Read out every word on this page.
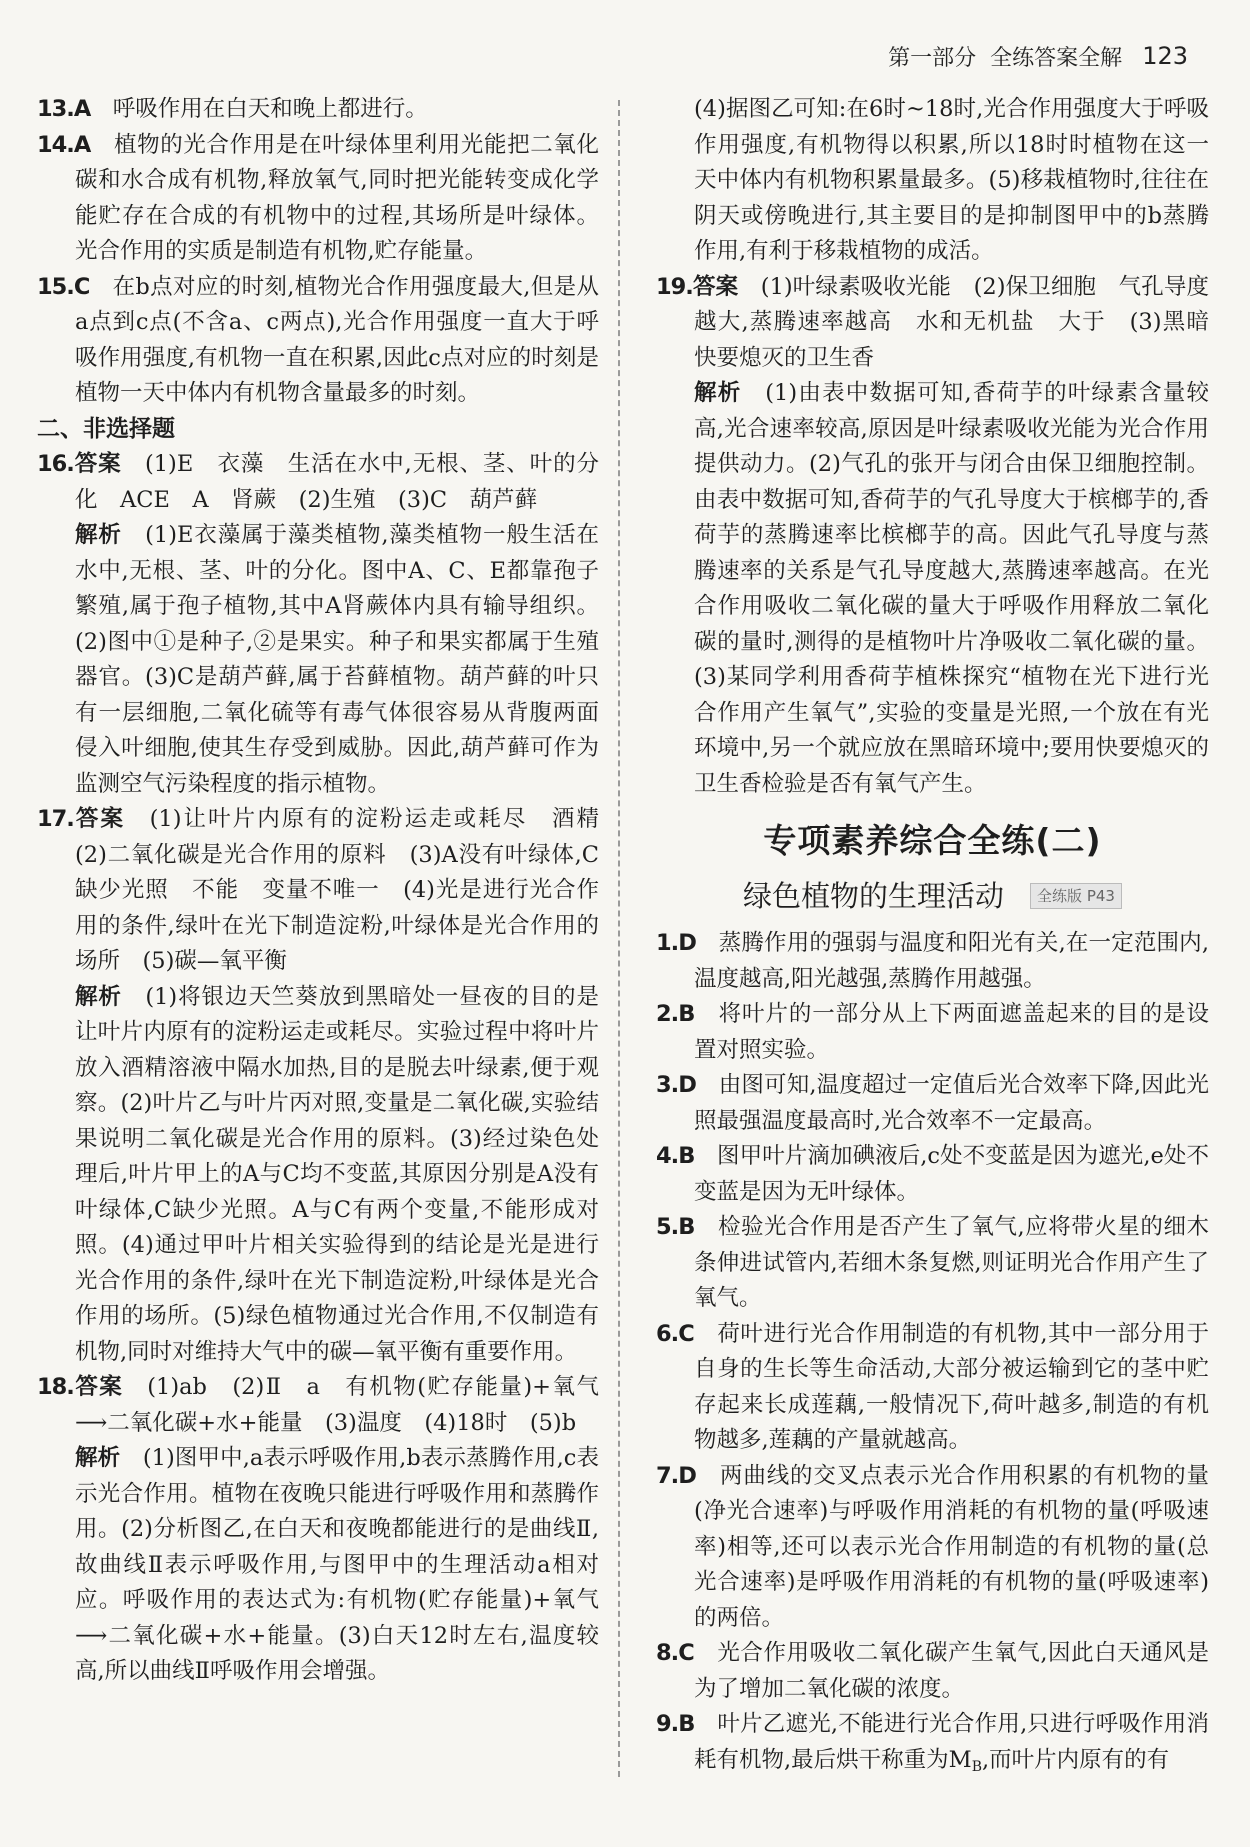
第一部分 全练答案全解 123

13.A　 呼吸作用在白天和晚上都进行。

14.A　 植物的光合作用是在叶绿体里利用光能把二氧化碳和水合成有机物,释放氧气,同时把光能转变成化学能贮存在合成的有机物中的过程,其场所是叶绿体。光合作用的实质是制造有机物,贮存能量。

15.C　 在b点对应的时刻,植物光合作用强度最大,但是从a点到c点(不含a、c两点),光合作用强度一直大于呼吸作用强度,有机物一直在积累,因此c点对应的时刻是植物一天中体内有机物含量最多的时刻。

二、非选择题

16.答案　 (1)E　衣藻　生活在水中,无根、茎、叶的分化　ACE　A　肾蕨　(2)生殖　(3)C　葫芦藓

解析　 (1)E衣藻属于藻类植物,藻类植物一般生活在水中,无根、茎、叶的分化。图中A、C、E都靠孢子繁殖,属于孢子植物,其中A肾蕨体内具有输导组织。(2)图中①是种子,②是果实。种子和果实都属于生殖器官。(3)C是葫芦藓,属于苔藓植物。葫芦藓的叶只有一层细胞,二氧化硫等有毒气体很容易从背腹两面侵入叶细胞,使其生存受到威胁。因此,葫芦藓可作为监测空气污染程度的指示植物。

17.答案　 (1)让叶片内原有的淀粉运走或耗尽　酒精　(2)二氧化碳是光合作用的原料　(3)A没有叶绿体,C缺少光照　不能　变量不唯一　(4)光是进行光合作用的条件,绿叶在光下制造淀粉,叶绿体是光合作用的场所　(5)碳—氧平衡

解析　 (1)将银边天竺葵放到黑暗处一昼夜的目的是让叶片内原有的淀粉运走或耗尽。实验过程中将叶片放入酒精溶液中隔水加热,目的是脱去叶绿素,便于观察。(2)叶片乙与叶片丙对照,变量是二氧化碳,实验结果说明二氧化碳是光合作用的原料。(3)经过染色处理后,叶片甲上的A与C均不变蓝,其原因分别是A没有叶绿体,C缺少光照。A与C有两个变量,不能形成对照。(4)通过甲叶片相关实验得到的结论是光是进行光合作用的条件,绿叶在光下制造淀粉,叶绿体是光合作用的场所。(5)绿色植物通过光合作用,不仅制造有机物,同时对维持大气中的碳—氧平衡有重要作用。

18.答案　 (1)ab　(2)Ⅱ　a　有机物(贮存能量)+氧气⟶二氧化碳+水+能量　(3)温度　(4)18时　(5)b

解析　 (1)图甲中,a表示呼吸作用,b表示蒸腾作用,c表示光合作用。植物在夜晚只能进行呼吸作用和蒸腾作用。(2)分析图乙,在白天和夜晚都能进行的是曲线Ⅱ,故曲线Ⅱ表示呼吸作用,与图甲中的生理活动a相对应。呼吸作用的表达式为:有机物(贮存能量)+氧气⟶二氧化碳+水+能量。(3)白天12时左右,温度较高,所以曲线Ⅱ呼吸作用会增强。

(4)据图乙可知:在6时~18时,光合作用强度大于呼吸作用强度,有机物得以积累,所以18时时植物在这一天中体内有机物积累量最多。(5)移栽植物时,往往在阴天或傍晚进行,其主要目的是抑制图甲中的b蒸腾作用,有利于移栽植物的成活。

19.答案　 (1)叶绿素吸收光能　(2)保卫细胞　气孔导度越大,蒸腾速率越高　水和无机盐　大于　(3)黑暗　快要熄灭的卫生香

解析　 (1)由表中数据可知,香荷芋的叶绿素含量较高,光合速率较高,原因是叶绿素吸收光能为光合作用提供动力。(2)气孔的张开与闭合由保卫细胞控制。由表中数据可知,香荷芋的气孔导度大于槟榔芋的,香荷芋的蒸腾速率比槟榔芋的高。因此气孔导度与蒸腾速率的关系是气孔导度越大,蒸腾速率越高。在光合作用吸收二氧化碳的量大于呼吸作用释放二氧化碳的量时,测得的是植物叶片净吸收二氧化碳的量。(3)某同学利用香荷芋植株探究“植物在光下进行光合作用产生氧气”,实验的变量是光照,一个放在有光环境中,另一个就应放在黑暗环境中;要用快要熄灭的卫生香检验是否有氧气产生。

专项素养综合全练(二)
绿色植物的生理活动	全练版 P43

1.D　 蒸腾作用的强弱与温度和阳光有关,在一定范围内,温度越高,阳光越强,蒸腾作用越强。

2.B　 将叶片的一部分从上下两面遮盖起来的目的是设置对照实验。

3.D　 由图可知,温度超过一定值后光合效率下降,因此光照最强温度最高时,光合效率不一定最高。

4.B　 图甲叶片滴加碘液后,c处不变蓝是因为遮光,e处不变蓝是因为无叶绿体。

5.B　 检验光合作用是否产生了氧气,应将带火星的细木条伸进试管内,若细木条复燃,则证明光合作用产生了氧气。

6.C　 荷叶进行光合作用制造的有机物,其中一部分用于自身的生长等生命活动,大部分被运输到它的茎中贮存起来长成莲藕,一般情况下,荷叶越多,制造的有机物越多,莲藕的产量就越高。

7.D　 两曲线的交叉点表示光合作用积累的有机物的量(净光合速率)与呼吸作用消耗的有机物的量(呼吸速率)相等,还可以表示光合作用制造的有机物的量(总光合速率)是呼吸作用消耗的有机物的量(呼吸速率)的两倍。

8.C　 光合作用吸收二氧化碳产生氧气,因此白天通风是为了增加二氧化碳的浓度。

9.B　 叶片乙遮光,不能进行光合作用,只进行呼吸作用消耗有机物,最后烘干称重为$M_B$,而叶片内原有的有
